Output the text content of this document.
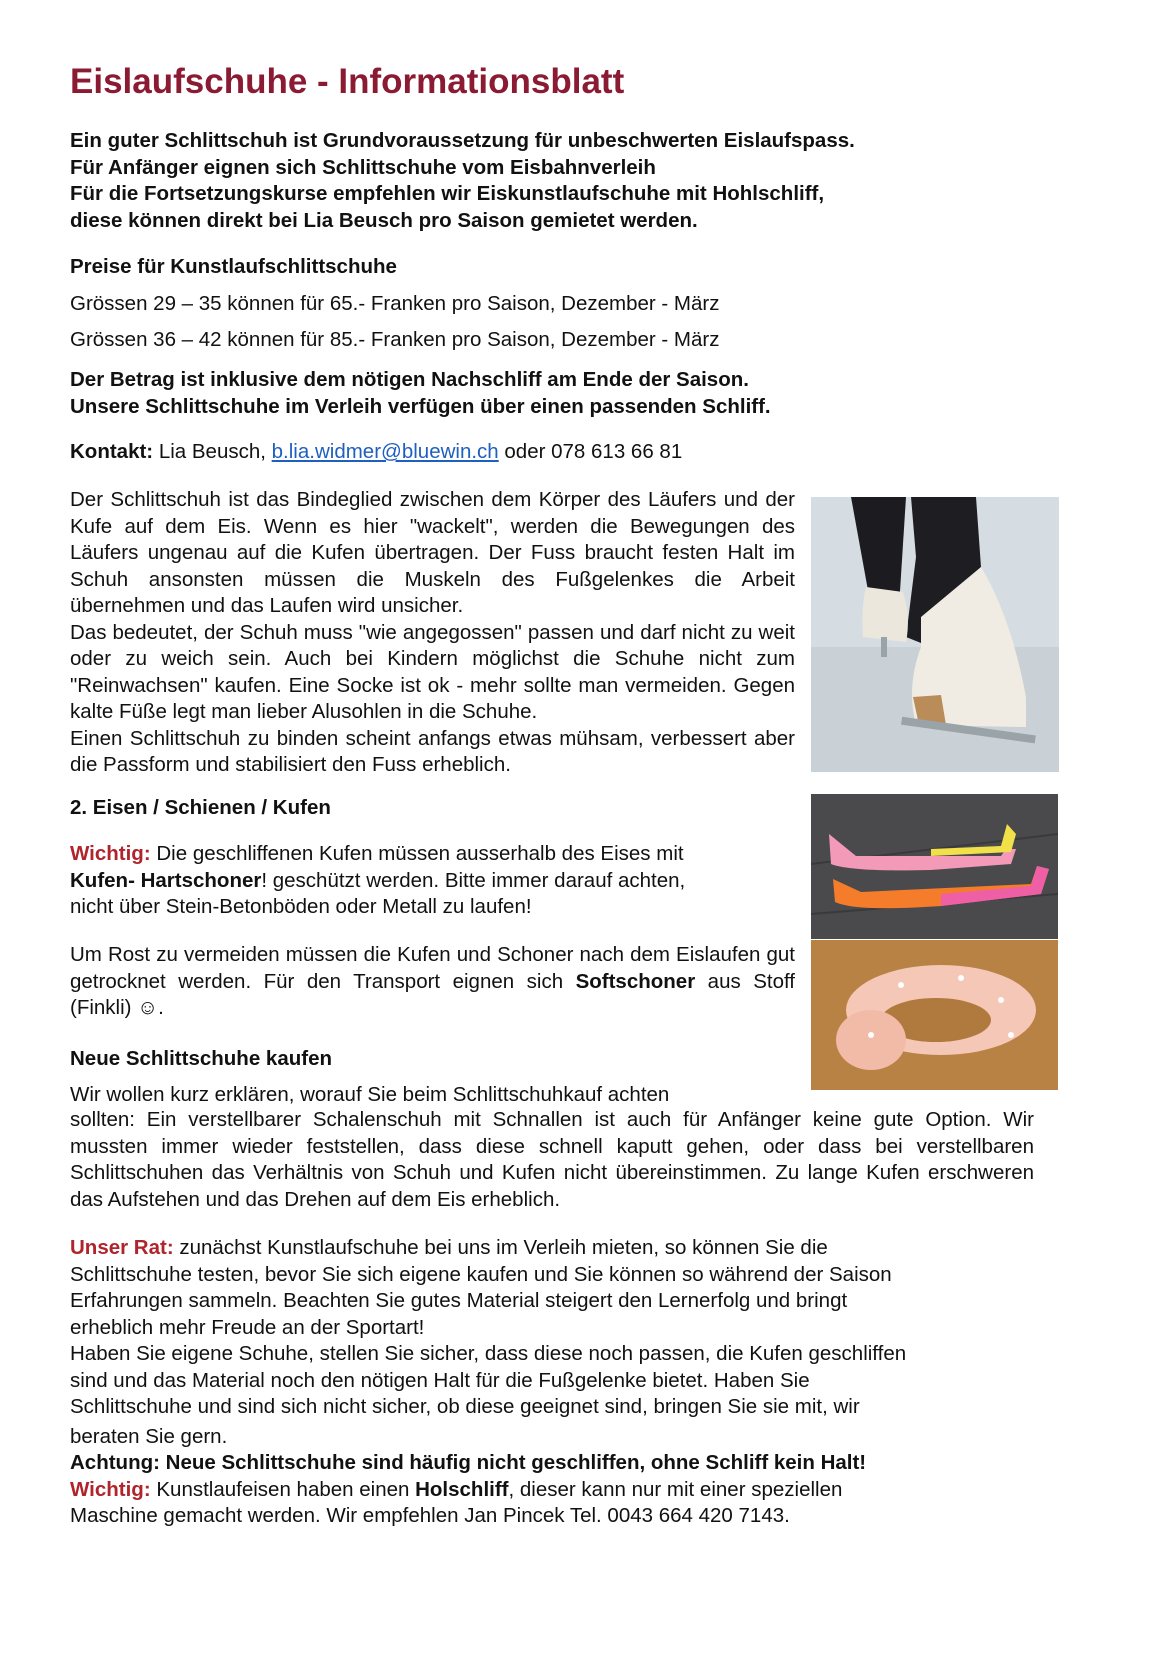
Eislaufschuhe - Informationsblatt
Ein guter Schlittschuh ist Grundvoraussetzung für unbeschwerten Eislaufspass.
Für Anfänger eignen sich Schlittschuhe vom Eisbahnverleih
Für die Fortsetzungskurse empfehlen wir Eiskunstlaufschuhe mit Hohlschliff,
diese können direkt bei Lia Beusch pro Saison gemietet werden.
Preise für Kunstlaufschlittschuhe
Grössen 29 – 35 können für 65.- Franken pro Saison, Dezember - März
Grössen 36 – 42 können für 85.- Franken pro Saison, Dezember - März
Der Betrag ist inklusive dem nötigen Nachschliff am Ende der Saison.
Unsere Schlittschuhe im Verleih verfügen über einen passenden Schliff.
Kontakt: Lia Beusch, b.lia.widmer@bluewin.ch oder 078 613 66 81
Der Schlittschuh ist das Bindeglied zwischen dem Körper des Läufers und der Kufe auf dem Eis. Wenn es hier "wackelt", werden die Bewegungen des Läufers ungenau auf die Kufen übertragen. Der Fuss braucht festen Halt im Schuh ansonsten müssen die Muskeln des Fußgelenkes die Arbeit übernehmen und das Laufen wird unsicher.
Das bedeutet, der Schuh muss "wie angegossen" passen und darf nicht zu weit oder zu weich sein. Auch bei Kindern möglichst die Schuhe nicht zum "Reinwachsen" kaufen. Eine Socke ist ok - mehr sollte man vermeiden. Gegen kalte Füße legt man lieber Alusohlen in die Schuhe.
Einen Schlittschuh zu binden scheint anfangs etwas mühsam, verbessert aber die Passform und stabilisiert den Fuss erheblich.
2. Eisen / Schienen / Kufen
Wichtig: Die geschliffenen Kufen müssen ausserhalb des Eises mit
Kufen- Hartschoner! geschützt werden. Bitte immer darauf achten,
nicht über Stein-Betonböden oder Metall zu laufen!
Um Rost zu vermeiden müssen die Kufen und Schoner nach dem Eislaufen gut getrocknet werden. Für den Transport eignen sich Softschoner aus Stoff (Finkli) ☺.
Neue Schlittschuhe kaufen
Wir wollen kurz erklären, worauf Sie beim Schlittschuhkauf achten
sollten: Ein verstellbarer Schalenschuh mit Schnallen ist auch für Anfänger keine gute Option. Wir mussten immer wieder feststellen, dass diese schnell kaputt gehen, oder dass bei verstellbaren Schlittschuhen das Verhältnis von Schuh und Kufen nicht übereinstimmen. Zu lange Kufen erschweren das Aufstehen und das Drehen auf dem Eis erheblich.
Unser Rat: zunächst Kunstlaufschuhe bei uns im Verleih mieten, so können Sie die
Schlittschuhe testen, bevor Sie sich eigene kaufen und Sie können so während der Saison
Erfahrungen sammeln. Beachten Sie gutes Material steigert den Lernerfolg und bringt
erheblich mehr Freude an der Sportart!
Haben Sie eigene Schuhe, stellen Sie sicher, dass diese noch passen, die Kufen geschliffen
sind und das Material noch den nötigen Halt für die Fußgelenke bietet. Haben Sie
Schlittschuhe und sind sich nicht sicher, ob diese geeignet sind, bringen Sie sie mit, wir
beraten Sie gern.
Achtung: Neue Schlittschuhe sind häufig nicht geschliffen, ohne Schliff kein Halt!
Wichtig: Kunstlaufeisen haben einen Holschliff, dieser kann nur mit einer speziellen
Maschine gemacht werden. Wir empfehlen Jan Pincek Tel. 0043 664 420 7143.
